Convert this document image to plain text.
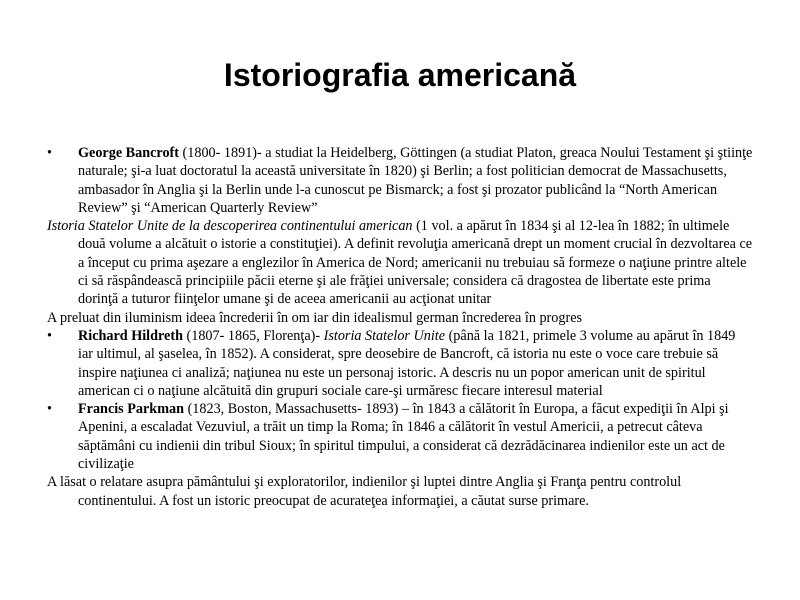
Istoriografia americană

•	George Bancroft (1800- 1891)- a studiat la Heidelberg, Göttingen (a studiat Platon, greaca Noului Testament şi ştiinţe naturale; şi-a luat doctoratul la această universitate în 1820) şi Berlin; a fost politician democrat de Massachusetts, ambasador în Anglia şi la Berlin unde l-a cunoscut pe Bismarck; a fost şi prozator publicând la “North American Review” şi “American Quarterly Review”

Istoria Statelor Unite de la descoperirea continentului american (1 vol. a apărut în 1834 şi al 12-lea în 1882; în ultimele două volume a alcătuit o istorie a constituţiei). A definit revoluţia americană drept un moment crucial în dezvoltarea ce a început cu prima aşezare a englezilor în America de Nord; americanii nu trebuiau să formeze o naţiune printre altele ci să răspândească principiile păcii eterne şi ale frăţiei universale; considera că dragostea de libertate este prima dorinţă a tuturor fiinţelor umane şi de aceea americanii au acţionat unitar

A preluat din iluminism ideea încrederii în om iar din idealismul german încrederea în progres

•	Richard Hildreth (1807- 1865, Florenţa)- Istoria Statelor Unite (până la 1821, primele 3 volume au apărut în 1849 iar ultimul, al şaselea, în 1852). A considerat, spre deosebire de Bancroft, că istoria nu este o voce care trebuie să inspire naţiunea ci analiză; naţiunea nu este un personaj istoric. A descris nu un popor american unit de spiritul american ci o naţiune alcătuită din grupuri sociale care-şi urmăresc fiecare interesul material

•	Francis Parkman (1823, Boston, Massachusetts- 1893) – în 1843 a călătorit în Europa, a făcut expediţii în Alpi şi Apenini, a escaladat Vezuviul, a trăit un timp la Roma; în 1846 a călătorit în vestul Americii, a petrecut câteva săptămâni cu indienii din tribul Sioux; în spiritul timpului, a considerat că dezrădăcinarea indienilor este un act de civilizaţie

A lăsat o relatare asupra pământului şi exploratorilor, indienilor şi luptei dintre Anglia şi Franţa pentru controlul continentului. A fost un istoric preocupat de acurateţea informaţiei, a căutat surse primare.
